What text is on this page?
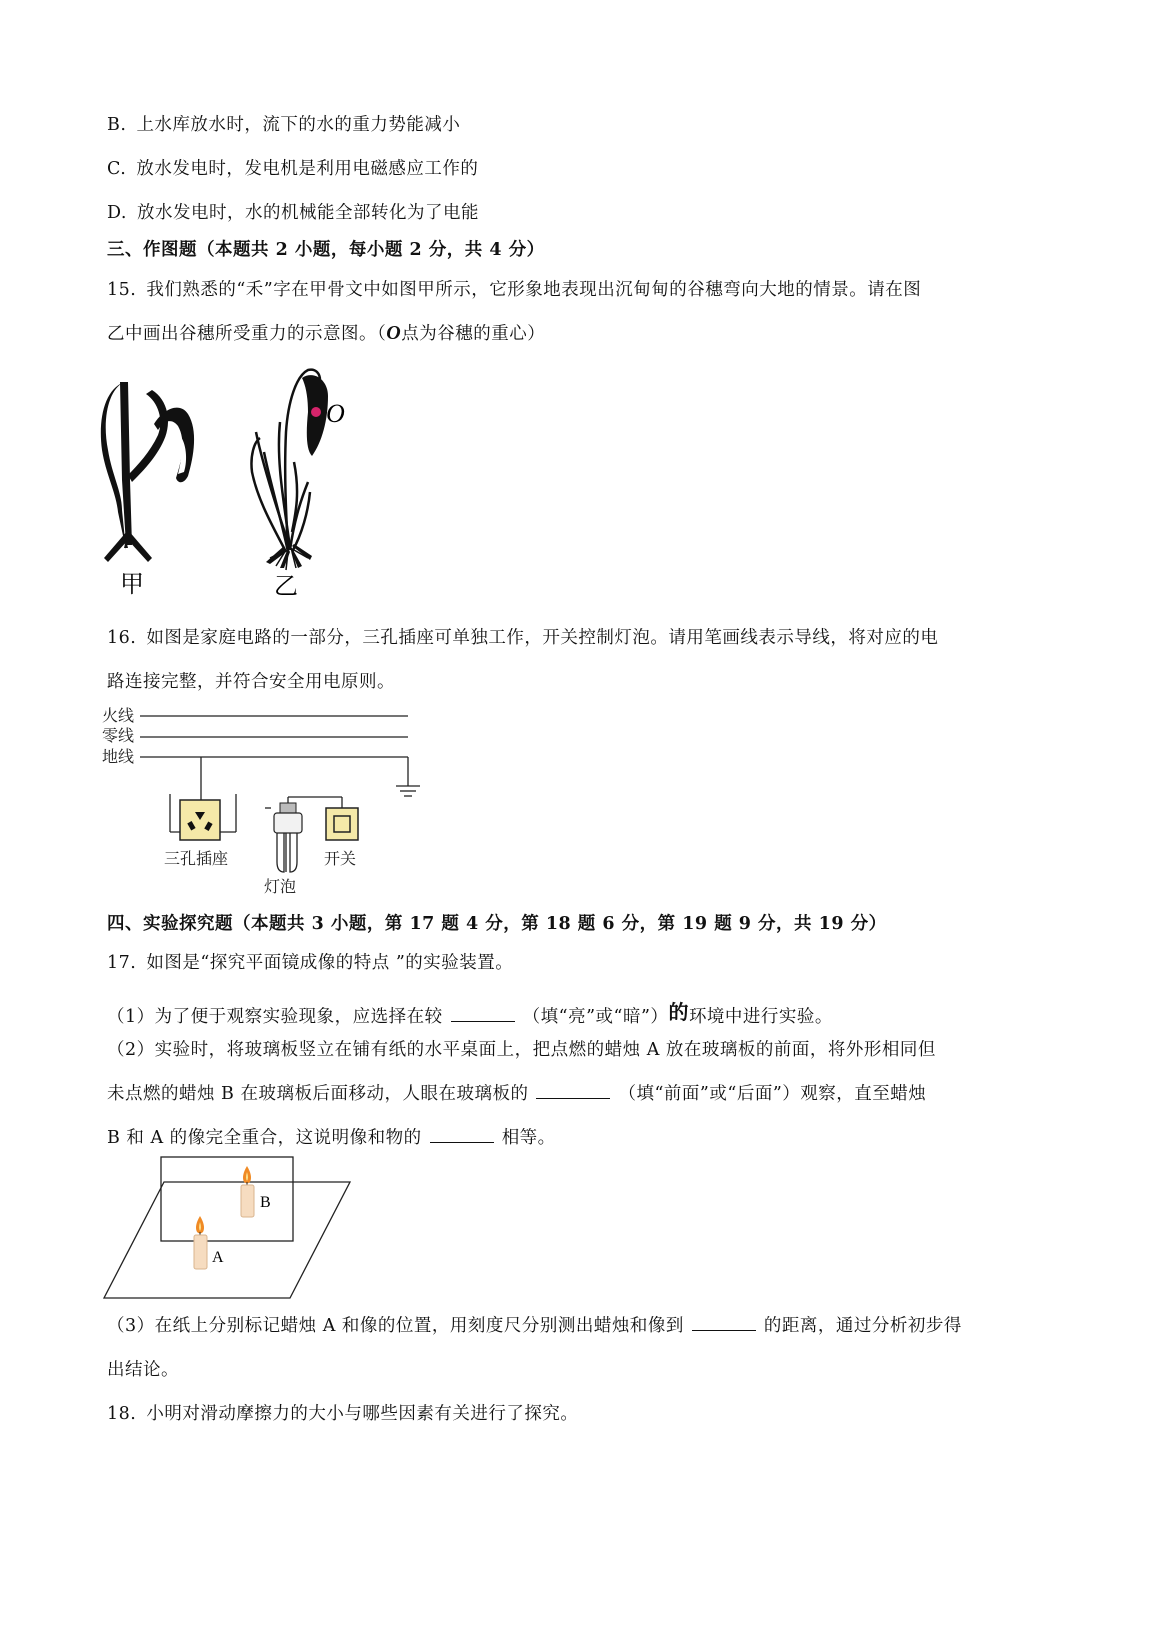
B. 上水库放水时，流下的水的重力势能减小
C. 放水发电时，发电机是利用电磁感应工作的
D. 放水发电时，水的机械能全部转化为了电能
三、作图题（本题共 2 小题，每小题 2 分，共 4 分）
15. 我们熟悉的“禾”字在甲骨文中如图甲所示，它形象地表现出沉甸甸的谷穗弯向大地的情景。请在图
乙中画出谷穗所受重力的示意图。（O点为谷穗的重心）
甲
O
乙
16. 如图是家庭电路的一部分，三孔插座可单独工作，开关控制灯泡。请用笔画线表示导线，将对应的电
路连接完整，并符合安全用电原则。
火线
零线
地线
三孔插座
灯泡
开关
四、实验探究题（本题共 3 小题，第 17 题 4 分，第 18 题 6 分，第 19 题 9 分，共 19 分）
17. 如图是“探究平面镜成像的特点 ”的实验装置。
（1）为了便于观察实验现象，应选择在较	（填“亮”或“暗”）的环境中进行实验。
（2）实验时，将玻璃板竖立在铺有纸的水平桌面上，把点燃的蜡烛 A 放在玻璃板的前面，将外形相同但
未点燃的蜡烛 B 在玻璃板后面移动，人眼在玻璃板的	（填“前面”或“后面”）观察，直至蜡烛
B 和 A 的像完全重合，这说明像和物的	相等。
B
A
（3）在纸上分别标记蜡烛 A 和像的位置，用刻度尺分别测出蜡烛和像到	的距离，通过分析初步得
出结论。
18. 小明对滑动摩擦力的大小与哪些因素有关进行了探究。
